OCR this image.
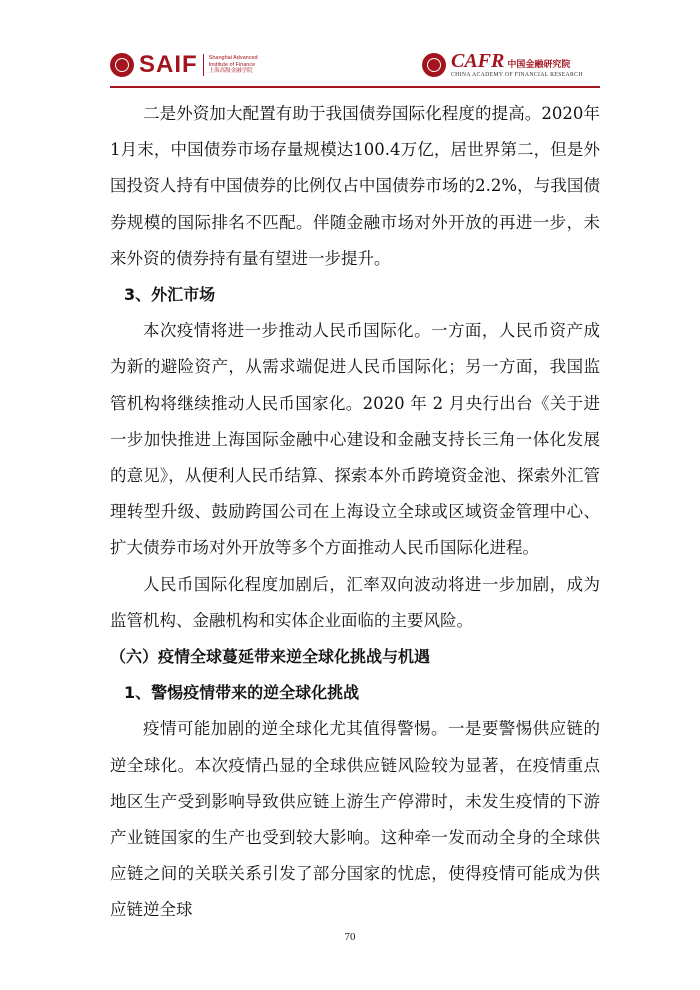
SAIF Shanghai Advanced
Institute of Finance
上海高级金融学院	CAFR 中国金融研究院
CHINA ACADEMY OF FINANCIAL RESEARCH

二是外资加大配置有助于我国债券国际化程度的提高。2020年1月末，中国债券市场存量规模达100.4万亿，居世界第二，但是外国投资人持有中国债券的比例仅占中国债券市场的2.2%，与我国债券规模的国际排名不匹配。伴随金融市场对外开放的再进一步，未来外资的债券持有量有望进一步提升。

3、外汇市场

本次疫情将进一步推动人民币国际化。一方面，人民币资产成为新的避险资产，从需求端促进人民币国际化；另一方面，我国监管机构将继续推动人民币国家化。2020 年 2 月央行出台《关于进一步加快推进上海国际金融中心建设和金融支持长三角一体化发展的意见》，从便利人民币结算、探索本外币跨境资金池、探索外汇管理转型升级、鼓励跨国公司在上海设立全球或区域资金管理中心、扩大债券市场对外开放等多个方面推动人民币国际化进程。

人民币国际化程度加剧后，汇率双向波动将进一步加剧，成为监管机构、金融机构和实体企业面临的主要风险。

（六）疫情全球蔓延带来逆全球化挑战与机遇

1、警惕疫情带来的逆全球化挑战

疫情可能加剧的逆全球化尤其值得警惕。一是要警惕供应链的逆全球化。本次疫情凸显的全球供应链风险较为显著，在疫情重点地区生产受到影响导致供应链上游生产停滞时，未发生疫情的下游产业链国家的生产也受到较大影响。这种牵一发而动全身的全球供应链之间的关联关系引发了部分国家的忧虑，使得疫情可能成为供应链逆全球

70
